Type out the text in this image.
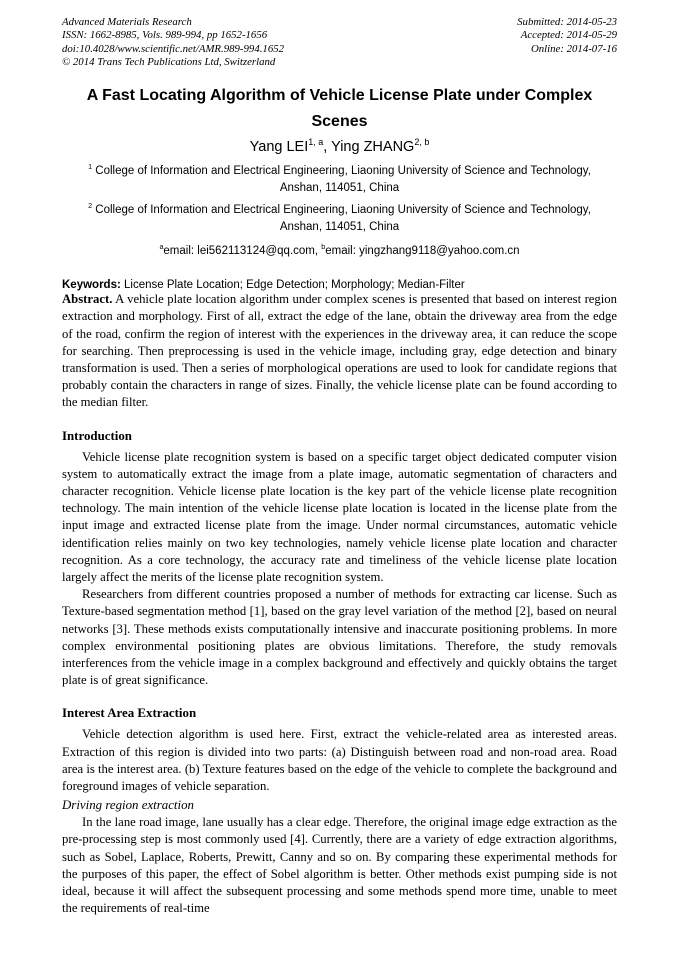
Advanced Materials Research
ISSN: 1662-8985, Vols. 989-994, pp 1652-1656
doi:10.4028/www.scientific.net/AMR.989-994.1652
© 2014 Trans Tech Publications Ltd, Switzerland
Submitted: 2014-05-23
Accepted: 2014-05-29
Online: 2014-07-16
A Fast Locating Algorithm of Vehicle License Plate under Complex Scenes
Yang LEI$^{1, a}$, Ying ZHANG$^{2, b}$

$^1$ College of Information and Electrical Engineering, Liaoning University of Science and Technology, Anshan, 114051, China

$^2$ College of Information and Electrical Engineering, Liaoning University of Science and Technology, Anshan, 114051, China

$^a$email: lei562113124@qq.com, $^b$email: yingzhang9118@yahoo.com.cn
Keywords: License Plate Location; Edge Detection; Morphology; Median-Filter

Abstract. A vehicle plate location algorithm under complex scenes is presented that based on interest region extraction and morphology. First of all, extract the edge of the lane, obtain the driveway area from the edge of the road, confirm the region of interest with the experiences in the driveway area, it can reduce the scope for searching. Then preprocessing is used in the vehicle image, including gray, edge detection and binary transformation is used. Then a series of morphological operations are used to look for candidate regions that probably contain the characters in range of sizes. Finally, the vehicle license plate can be found according to the median filter.

Introduction

Vehicle license plate recognition system is based on a specific target object dedicated computer vision system to automatically extract the image from a plate image, automatic segmentation of characters and character recognition. Vehicle license plate location is the key part of the vehicle license plate recognition technology. The main intention of the vehicle license plate location is located in the license plate from the input image and extracted license plate from the image. Under normal circumstances, automatic vehicle identification relies mainly on two key technologies, namely vehicle license plate location and character recognition. As a core technology, the accuracy rate and timeliness of the vehicle license plate location largely affect the merits of the license plate recognition system.

Researchers from different countries proposed a number of methods for extracting car license. Such as Texture-based segmentation method [1], based on the gray level variation of the method [2], based on neural networks [3]. These methods exists computationally intensive and inaccurate positioning problems. In more complex environmental positioning plates are obvious limitations. Therefore, the study removals interferences from the vehicle image in a complex background and effectively and quickly obtains the target plate is of great significance.

Interest Area Extraction

Vehicle detection algorithm is used here. First, extract the vehicle-related area as interested areas. Extraction of this region is divided into two parts: (a) Distinguish between road and non-road area. Road area is the interest area. (b) Texture features based on the edge of the vehicle to complete the background and foreground images of vehicle separation.

Driving region extraction

In the lane road image, lane usually has a clear edge. Therefore, the original image edge extraction as the pre-processing step is most commonly used [4]. Currently, there are a variety of edge extraction algorithms, such as Sobel, Laplace, Roberts, Prewitt, Canny and so on. By comparing these experimental methods for the purposes of this paper, the effect of Sobel algorithm is better. Other methods exist pumping side is not ideal, because it will affect the subsequent processing and some methods spend more time, unable to meet the requirements of real-time
